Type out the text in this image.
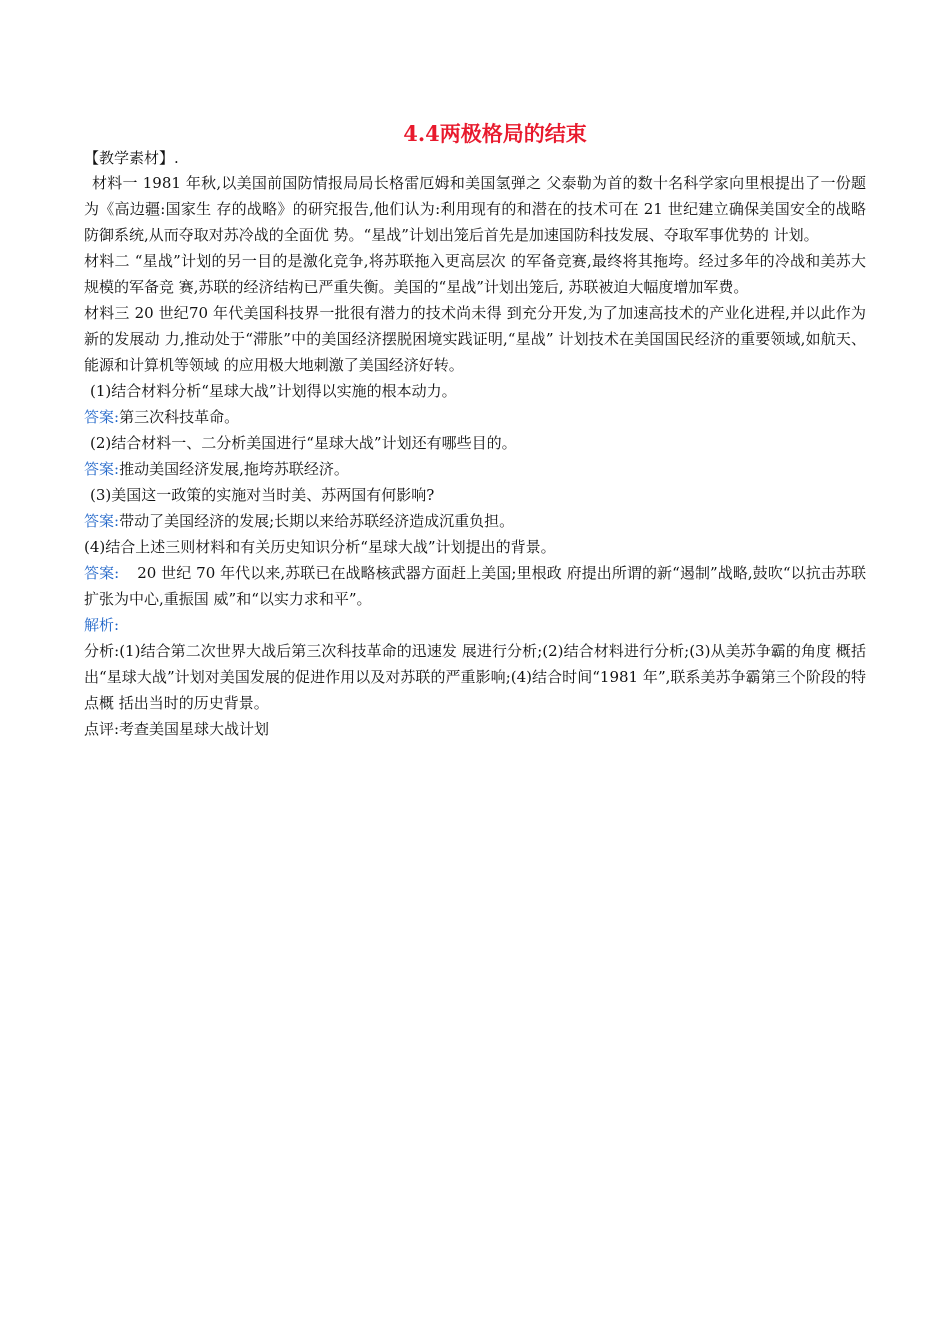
4.4两极格局的结束
【教学素材】.

材料一 1981 年秋,以美国前国防情报局局长格雷厄姆和美国氢弹之 父泰勒为首的数十名科学家向里根提出了一份题为《高边疆:国家生 存的战略》的研究报告,他们认为:利用现有的和潜在的技术可在 21 世纪建立确保美国安全的战略防御系统,从而夺取对苏冷战的全面优 势。“星战”计划出笼后首先是加速国防科技发展、夺取军事优势的 计划。

材料二 “星战”计划的另一目的是激化竞争,将苏联拖入更高层次 的军备竞赛,最终将其拖垮。经过多年的冷战和美苏大规模的军备竞 赛,苏联的经济结构已严重失衡。美国的“星战”计划出笼后, 苏联被迫大幅度增加军费。

材料三 20 世纪70 年代美国科技界一批很有潜力的技术尚未得 到充分开发,为了加速高技术的产业化进程,并以此作为新的发展动 力,推动处于“滞胀”中的美国经济摆脱困境实践证明,“星战” 计划技术在美国国民经济的重要领域,如航天、能源和计算机等领域 的应用极大地刺激了美国经济好转。

(1)结合材料分析“星球大战”计划得以实施的根本动力。

答案:第三次科技革命。

(2)结合材料一、二分析美国进行“星球大战”计划还有哪些目的。

答案:推动美国经济发展,拖垮苏联经济。

(3)美国这一政策的实施对当时美、苏两国有何影响?

答案:带动了美国经济的发展;长期以来给苏联经济造成沉重负担。

(4)结合上述三则材料和有关历史知识分析“星球大战”计划提出的背景。

答案: 20 世纪 70 年代以来,苏联已在战略核武器方面赶上美国;里根政 府提出所谓的新“遏制”战略,鼓吹“以抗击苏联扩张为中心,重振国 威”和“以实力求和平”。

解析:

分析:(1)结合第二次世界大战后第三次科技革命的迅速发 展进行分析;(2)结合材料进行分析;(3)从美苏争霸的角度 概括出“星球大战”计划对美国发展的促进作用以及对苏联的严重影响;(4)结合时间“1981 年”,联系美苏争霸第三个阶段的特点概 括出当时的历史背景。

点评:考查美国星球大战计划
